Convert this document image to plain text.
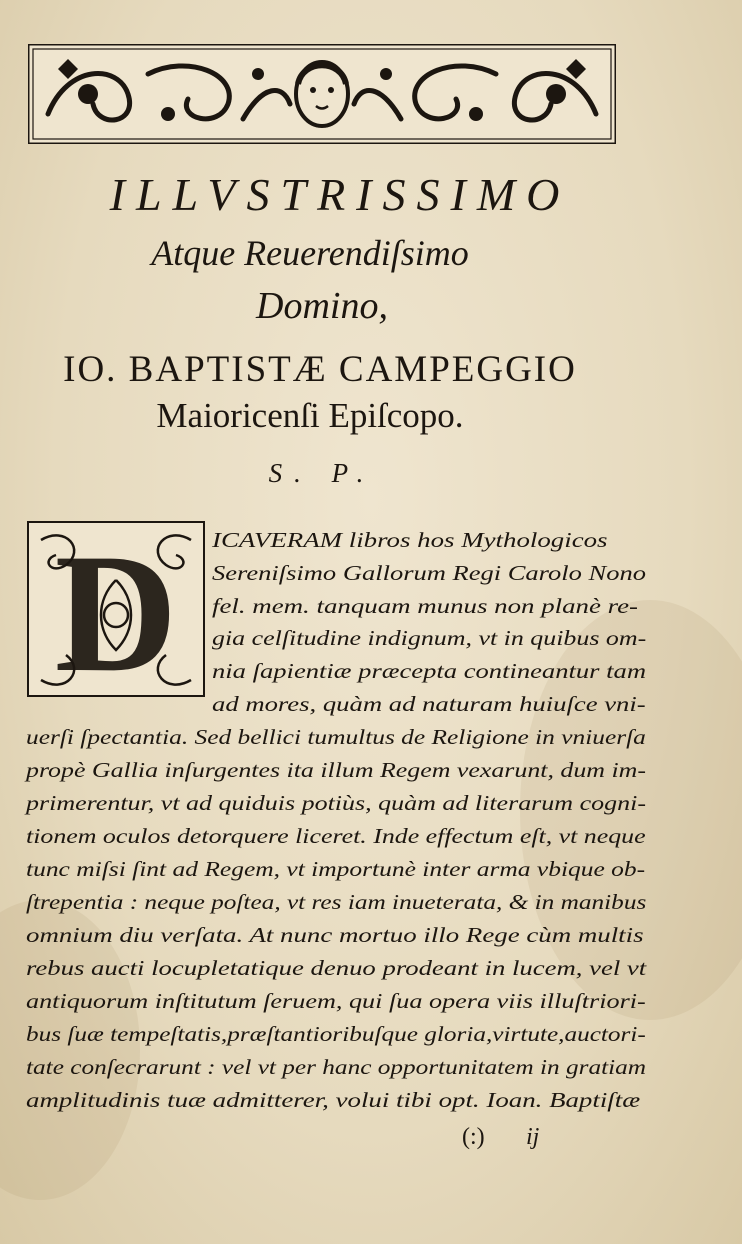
ILLVSTRISSIMO
Atque Reuerendiſsimo
Domino,
IO. BAPTISTÆ CAMPEGGIO
Maioricenſi Epiſcopo.

S. P.

D ICAVERAM libros hos Mythologicos

Sereniſsimo Gallorum Regi Carolo Nono

fel. mem. tanquam munus non planè re-

gia celſitudine indignum, vt in quibus om-

nia ſapientiæ præcepta contineantur tam

ad mores, quàm ad naturam huiuſce vni-

uerſi ſpectantia. Sed bellici tumultus de Religione in vniuerſa

propè Gallia inſurgentes ita illum Regem vexarunt, dum im-

primerentur, vt ad quiduis potiùs, quàm ad literarum cogni-

tionem oculos detorquere liceret. Inde effectum eſt, vt neque

tunc miſsi ſint ad Regem, vt importunè inter arma vbique ob-

ſtrepentia : neque poſtea, vt res iam inueterata, & in manibus

omnium diu verſata. At nunc mortuo illo Rege cùm multis

rebus aucti locupletatique denuo prodeant in lucem, vel vt

antiquorum inſtitutum ſeruem, qui ſua opera viis illuſtriori-

bus ſuæ tempeſtatis,præſtantioribuſque gloria,virtute,auctori-

tate conſecrarunt : vel vt per hanc opportunitatem in gratiam

amplitudinis tuæ admitterer, volui tibi opt. Ioan. Baptiſtæ

(:) ij
